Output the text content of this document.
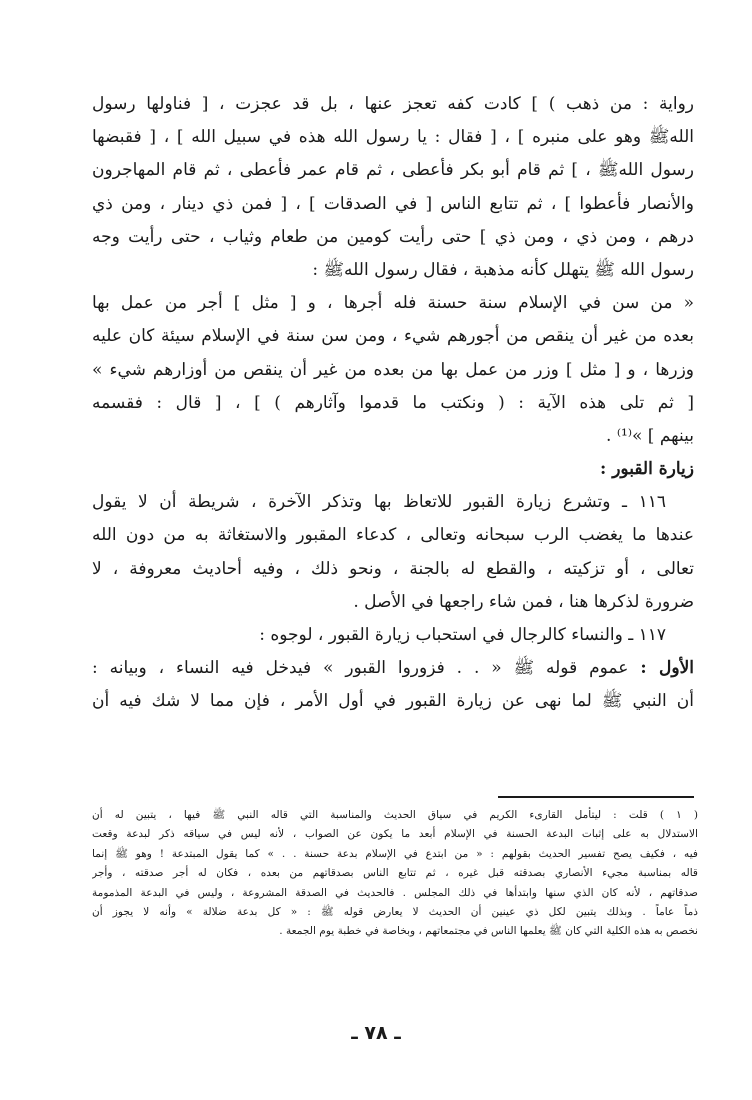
رواية : من ذهب ) ] كادت كفه تعجز عنها ، بل قد عجزت ، [ فناولها رسول
اللهﷺ وهو على منبره ] ، [ فقال : يا رسول الله هذه في سبيل الله ] ، [ فقبضها
رسول اللهﷺ ، ] ثم قام أبو بكر فأعطى ، ثم قام عمر فأعطى ، ثم قام المهاجرون
والأنصار فأعطوا ] ، ثم تتابع الناس [ في الصدقات ] ، [ فمن ذي دينار ، ومن ذي
درهم ، ومن ذي ، ومن ذي ] حتى رأيت كومين من طعام وثياب ، حتى رأيت وجه
رسول الله ﷺ يتهلل كأنه مذهبة ، فقال رسول اللهﷺ :
« من سن في الإسلام سنة حسنة فله أجرها ، و [ مثل ] أجر من عمل بها
بعده من غير أن ينقص من أجورهم شيء ، ومن سن سنة في الإسلام سيئة كان عليه
وزرها ، و [ مثل ] وزر من عمل بها من بعده من غير أن ينقص من أوزارهم شيء »
[ ثم تلى هذه الآية : ( ونكتب ما قدموا وآثارهم ) ] ، [ قال : فقسمه
بينهم ] »⁽¹⁾ .
زيارة القبور :
١١٦ ـ وتشرع زيارة القبور للاتعاظ بها وتذكر الآخرة ، شريطة أن لا يقول
عندها ما يغضب الرب سبحانه وتعالى ، كدعاء المقبور والاستغاثة به من دون الله
تعالى ، أو تزكيته ، والقطع له بالجنة ، ونحو ذلك ، وفيه أحاديث معروفة ، لا
ضرورة لذكرها هنا ، فمن شاء راجعها في الأصل .
١١٧ ـ والنساء كالرجال في استحباب زيارة القبور ، لوجوه :
الأول : عموم قوله ﷺ « . . فزوروا القبور » فيدخل فيه النساء ، وبيانه :
أن النبي ﷺ لما نهى عن زيارة القبور في أول الأمر ، فإن مما لا شك فيه أن
( ١ ) قلت : ليتأمل القارىء الكريم في سياق الحديث والمناسبة التي قاله النبي ﷺ فيها ، يتبين له أن
الاستدلال به على إثبات البدعة الحسنة في الإسلام أبعد ما يكون عن الصواب ، لأنه ليس في سياقه ذكر لبدعة وقعت
فيه ، فكيف يصح تفسير الحديث بقولهم : « من ابتدع في الإسلام بدعة حسنة . . » كما يقول المبتدعة ! وهو ﷺ إنما
قاله بمناسبة مجيء الأنصاري بصدقته قبل غيره ، ثم تتابع الناس بصدقاتهم من بعده ، فكان له أجر صدقته ، وأجر
صدقاتهم ، لأنه كان الذي سنها وابتدأها في ذلك المجلس . فالحديث في الصدقة المشروعة ، وليس في البدعة المذمومة
ذماً عاماً . وبذلك يتبين لكل ذي عينين أن الحديث لا يعارض قوله ﷺ : « كل بدعة ضلالة » وأنه لا يجوز أن
نخصص به هذه الكلية التي كان ﷺ يعلمها الناس في مجتمعاتهم ، وبخاصة في خطبة يوم الجمعة .
ـ ٧٨ ـ
